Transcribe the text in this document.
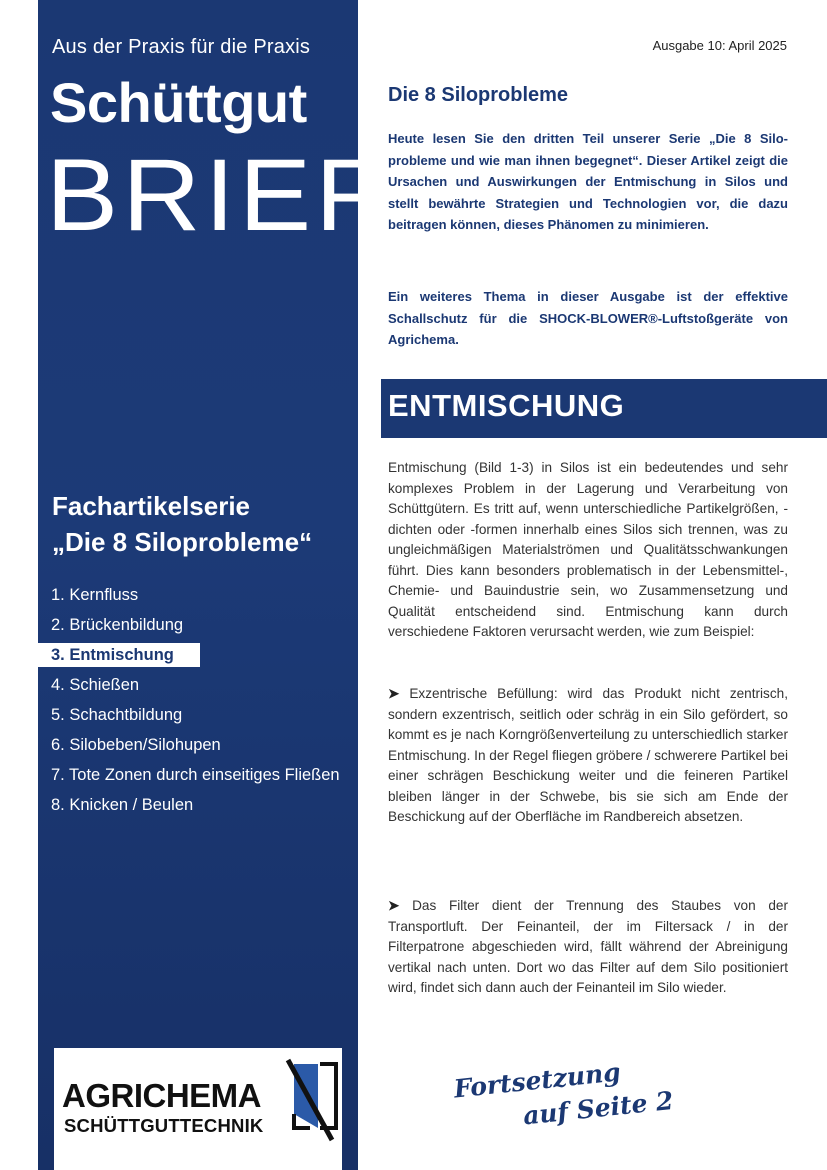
Aus der Praxis für die Praxis
Schüttgut
BRIEF
Fachartikelserie
„Die 8 Siloprobleme“
1. Kernfluss
2. Brückenbildung
3. Entmischung
4. Schießen
5. Schachtbildung
6. Silobeben/Silohupen
7. Tote Zonen durch einseitiges Fließen
8. Knicken / Beulen
AGRICHEMA
SCHÜTTGUTTECHNIK
Ausgabe 10: April 2025
Die 8 Siloprobleme

Heute lesen Sie den dritten Teil unserer Serie „Die 8 Siloprobleme und wie man ihnen begegnet“. Dieser Artikel zeigt die Ursachen und Auswirkungen der Entmischung in Silos und stellt bewährte Strategien und Technologien vor, die dazu beitragen können, dieses Phänomen zu minimieren.

Ein weiteres Thema in dieser Ausgabe ist der effektive Schallschutz für die SHOCK-BLOWER®-Luftstoßgeräte von Agrichema.

ENTMISCHUNG

Entmischung (Bild 1-3) in Silos ist ein bedeutendes und sehr komplexes Problem in der Lagerung und Verarbeitung von Schüttgütern. Es tritt auf, wenn unterschiedliche Partikelgrößen, -dichten oder -formen innerhalb eines Silos sich trennen, was zu ungleichmäßigen Materialströmen und Qualitätsschwankungen führt. Dies kann besonders problematisch in der Lebensmittel-, Chemie- und Bauindustrie sein, wo Zusammensetzung und Qualität entscheidend sind. Entmischung kann durch verschiedene Faktoren verursacht werden, wie zum Beispiel:

➤ Exzentrische Befüllung: wird das Produkt nicht zentrisch, sondern exzentrisch, seitlich oder schräg in ein Silo gefördert, so kommt es je nach Korngrößenverteilung zu unterschiedlich starker Entmischung. In der Regel fliegen gröbere / schwerere Partikel bei einer schrägen Beschickung weiter und die feineren Partikel bleiben länger in der Schwebe, bis sie sich am Ende der Beschickung auf der Oberfläche im Randbereich absetzen.

➤ Das Filter dient der Trennung des Staubes von der Transportluft. Der Feinanteil, der im Filtersack / in der Filterpatrone abgeschieden wird, fällt während der Abreinigung vertikal nach unten. Dort wo das Filter auf dem Silo positioniert wird, findet sich dann auch der Feinanteil im Silo wieder.

Fortsetzung
auf Seite 2
